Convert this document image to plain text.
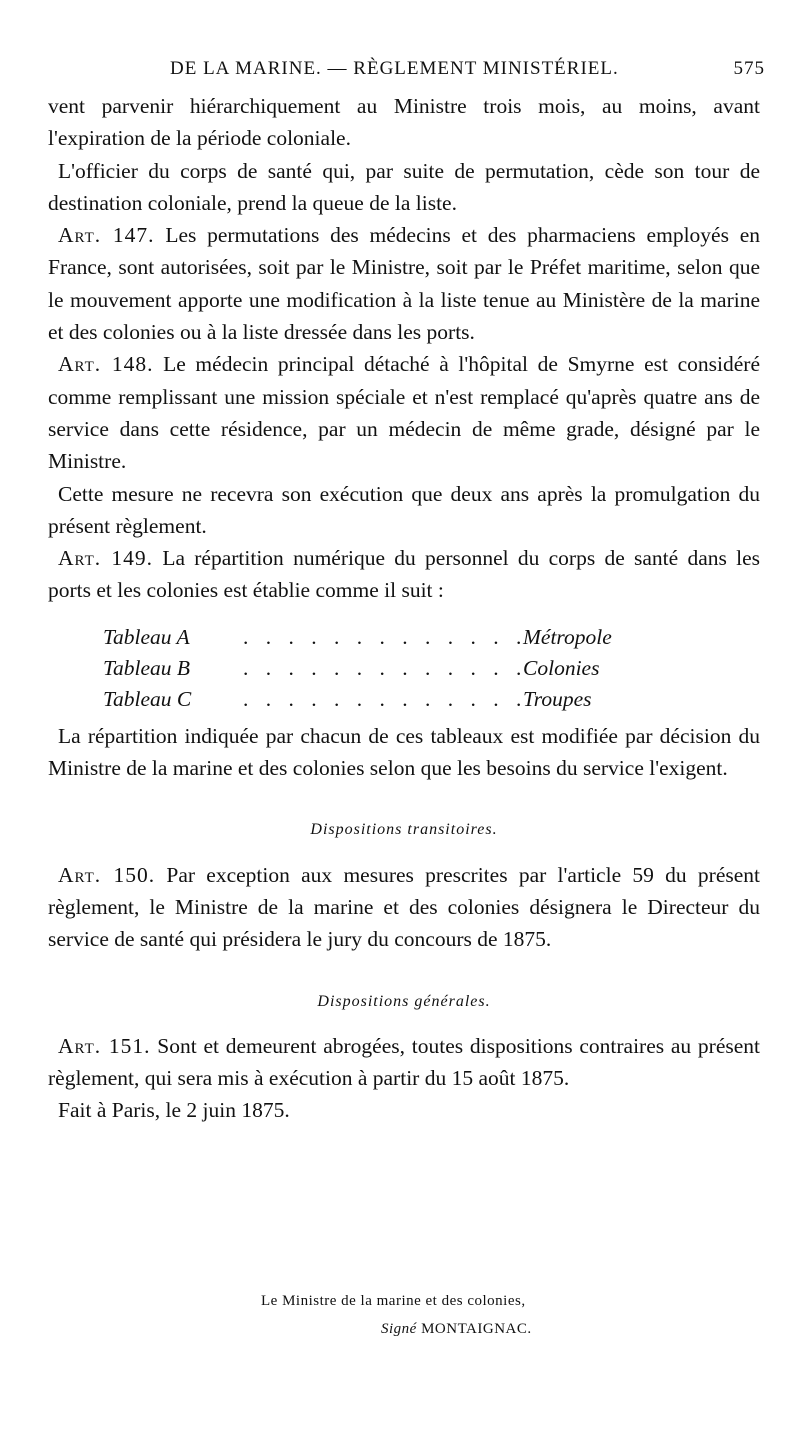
DE LA MARINE. — RÈGLEMENT MINISTÉRIEL.	575

vent parvenir hiérarchiquement au Ministre trois mois, au moins, avant l'expiration de la période coloniale.

L'officier du corps de santé qui, par suite de permutation, cède son tour de destination coloniale, prend la queue de la liste.

Art. 147. Les permutations des médecins et des pharmaciens employés en France, sont autorisées, soit par le Ministre, soit par le Préfet maritime, selon que le mouvement apporte une modification à la liste tenue au Ministère de la marine et des colonies ou à la liste dressée dans les ports.

Art. 148. Le médecin principal détaché à l'hôpital de Smyrne est considéré comme remplissant une mission spéciale et n'est remplacé qu'après quatre ans de service dans cette résidence, par un médecin de même grade, désigné par le Ministre.

Cette mesure ne recevra son exécution que deux ans après la promulgation du présent règlement.

Art. 149. La répartition numérique du personnel du corps de santé dans les ports et les colonies est établie comme il suit :

Tableau A . . . . . . . . . . . . .
Métropole
Tableau B . . . . . . . . . . . . .
Colonies
Tableau C . . . . . . . . . . . . .
Troupes

La répartition indiquée par chacun de ces tableaux est modifiée par décision du Ministre de la marine et des colonies selon que les besoins du service l'exigent.

Dispositions transitoires.

Art. 150. Par exception aux mesures prescrites par l'article 59 du présent règlement, le Ministre de la marine et des colonies désignera le Directeur du service de santé qui présidera le jury du concours de 1875.

Dispositions générales.

Art. 151. Sont et demeurent abrogées, toutes dispositions contraires au présent règlement, qui sera mis à exécution à partir du 15 août 1875.

Fait à Paris, le 2 juin 1875.

Le Ministre de la marine et des colonies,
Signé MONTAIGNAC.
